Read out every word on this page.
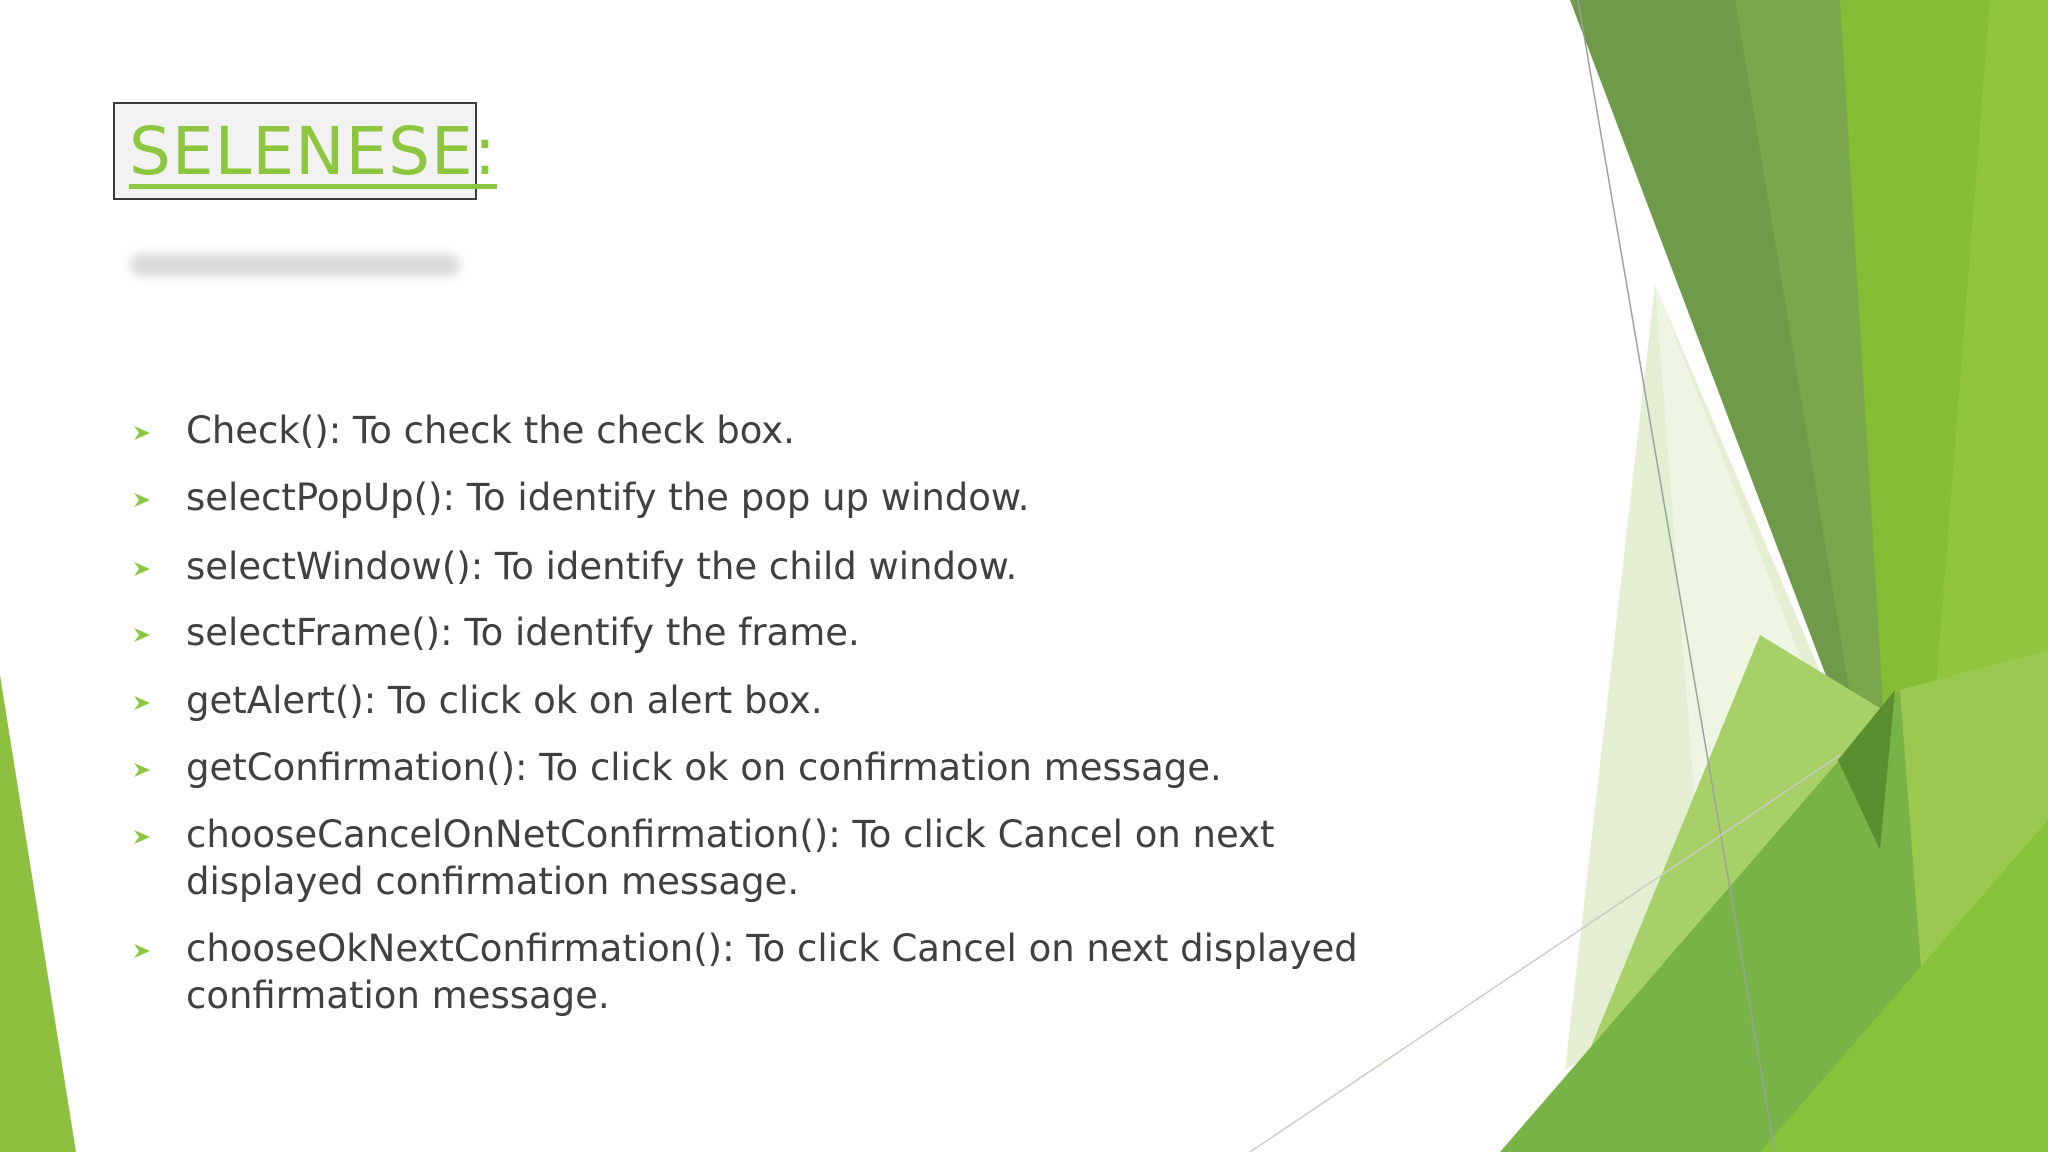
SELENESE:

Check(): To check the check box.

selectPopUp(): To identify the pop up window.

selectWindow(): To identify the child window.

selectFrame(): To identify the frame.

getAlert(): To click ok on alert box.

getConfirmation(): To click ok on confirmation message.

chooseCancelOnNetConfirmation(): To click Cancel on next displayed confirmation message.

chooseOkNextConfirmation(): To click Cancel on next displayed confirmation message.
